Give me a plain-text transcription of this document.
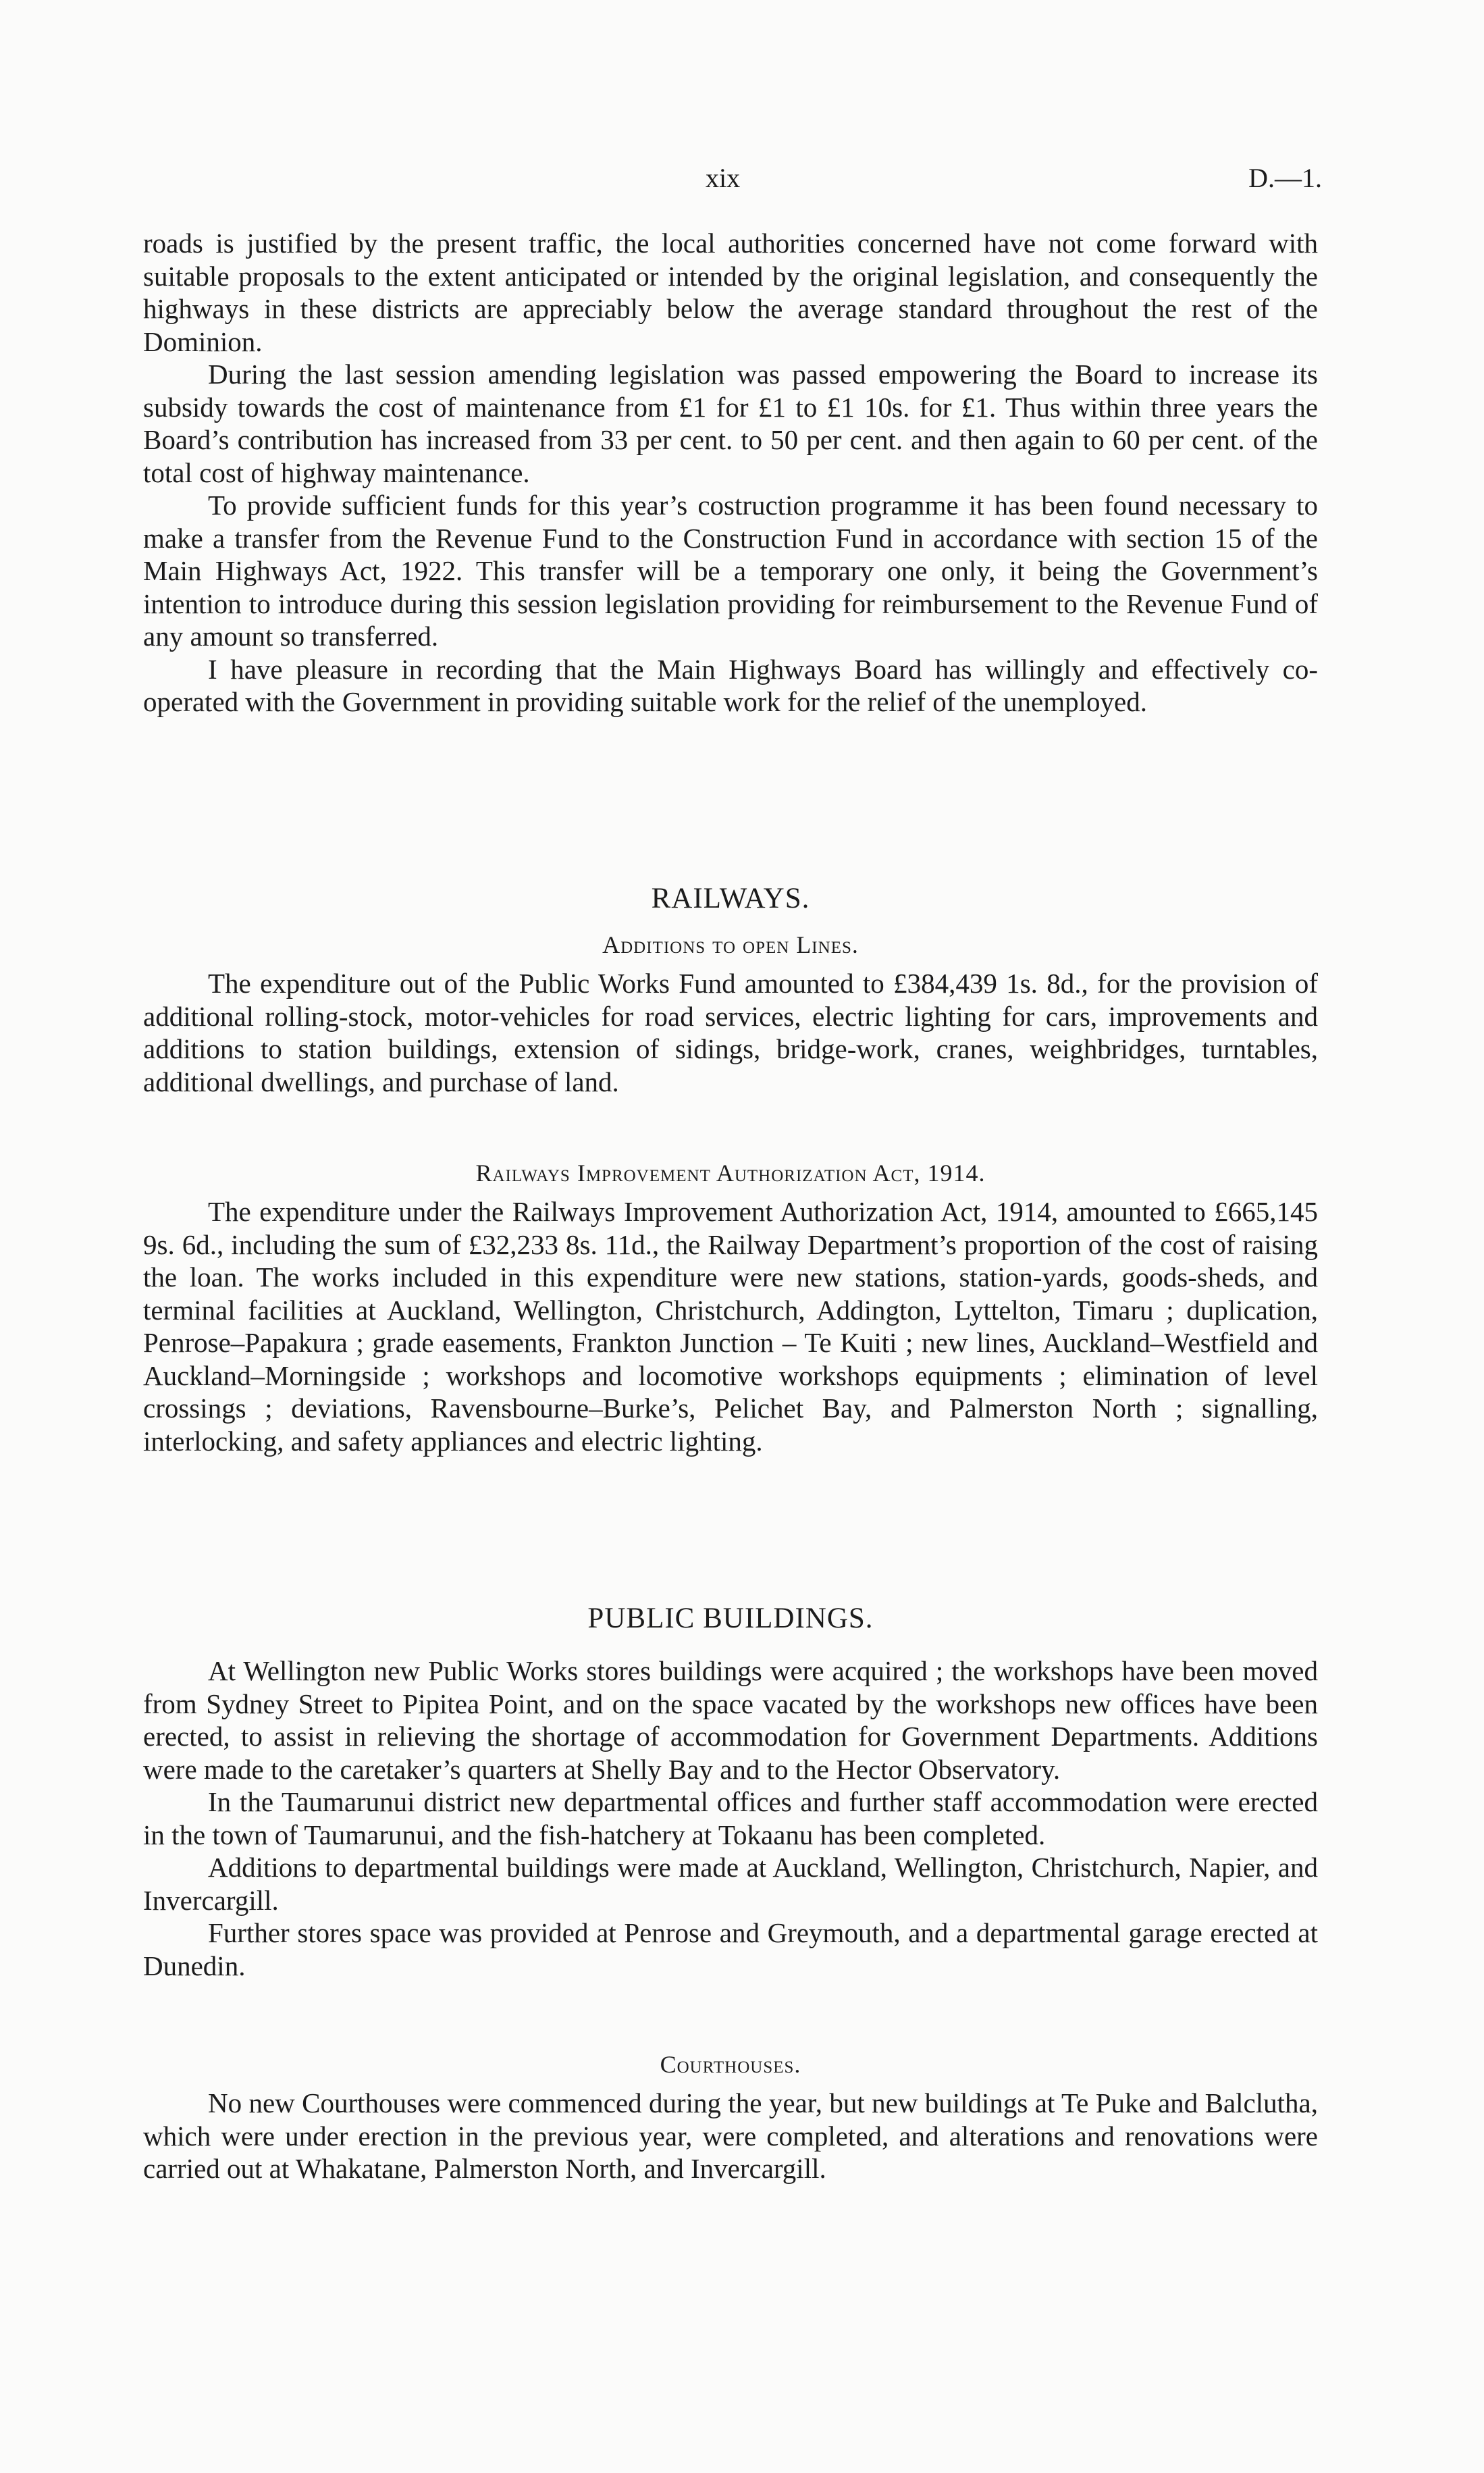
xix	D.—1.

roads is justified by the present traffic, the local authorities concerned have not come forward with suitable proposals to the extent anticipated or intended by the original legislation, and consequently the highways in these districts are appreciably below the average standard throughout the rest of the Dominion.

During the last session amending legislation was passed empowering the Board to increase its subsidy towards the cost of maintenance from £1 for £1 to £1 10s. for £1. Thus within three years the Board’s contribution has increased from 33 per cent. to 50 per cent. and then again to 60 per cent. of the total cost of highway maintenance.

To provide sufficient funds for this year’s costruction programme it has been found necessary to make a transfer from the Revenue Fund to the Construction Fund in accordance with section 15 of the Main Highways Act, 1922. This transfer will be a temporary one only, it being the Government’s intention to introduce during this session legislation providing for reimbursement to the Revenue Fund of any amount so transferred.

I have pleasure in recording that the Main Highways Board has willingly and effectively co-operated with the Government in providing suitable work for the relief of the unemployed.

RAILWAYS.
Additions to open Lines.

The expenditure out of the Public Works Fund amounted to £384,439 1s. 8d., for the provision of additional rolling-stock, motor-vehicles for road services, electric lighting for cars, improvements and additions to station buildings, extension of sidings, bridge-work, cranes, weighbridges, turntables, additional dwellings, and purchase of land.

Railways Improvement Authorization Act, 1914.

The expenditure under the Railways Improvement Authorization Act, 1914, amounted to £665,145 9s. 6d., including the sum of £32,233 8s. 11d., the Railway Department’s proportion of the cost of raising the loan. The works included in this expenditure were new stations, station-yards, goods-sheds, and terminal facilities at Auckland, Wellington, Christchurch, Addington, Lyttelton, Timaru ; duplication, Penrose–Papakura ; grade easements, Frankton Junction – Te Kuiti ; new lines, Auckland–Westfield and Auckland–Morningside ; workshops and locomotive workshops equipments ; elimination of level crossings ; deviations, Ravensbourne–Burke’s, Pelichet Bay, and Palmerston North ; signalling, interlocking, and safety appliances and electric lighting.

PUBLIC BUILDINGS.

At Wellington new Public Works stores buildings were acquired ; the workshops have been moved from Sydney Street to Pipitea Point, and on the space vacated by the workshops new offices have been erected, to assist in relieving the shortage of accommodation for Government Departments. Additions were made to the caretaker’s quarters at Shelly Bay and to the Hector Observatory.

In the Taumarunui district new departmental offices and further staff accommodation were erected in the town of Taumarunui, and the fish-hatchery at Tokaanu has been completed.

Additions to departmental buildings were made at Auckland, Wellington, Christchurch, Napier, and Invercargill.

Further stores space was provided at Penrose and Greymouth, and a departmental garage erected at Dunedin.

Courthouses.

No new Courthouses were commenced during the year, but new buildings at Te Puke and Balclutha, which were under erection in the previous year, were completed, and alterations and renovations were carried out at Whakatane, Palmerston North, and Invercargill.
